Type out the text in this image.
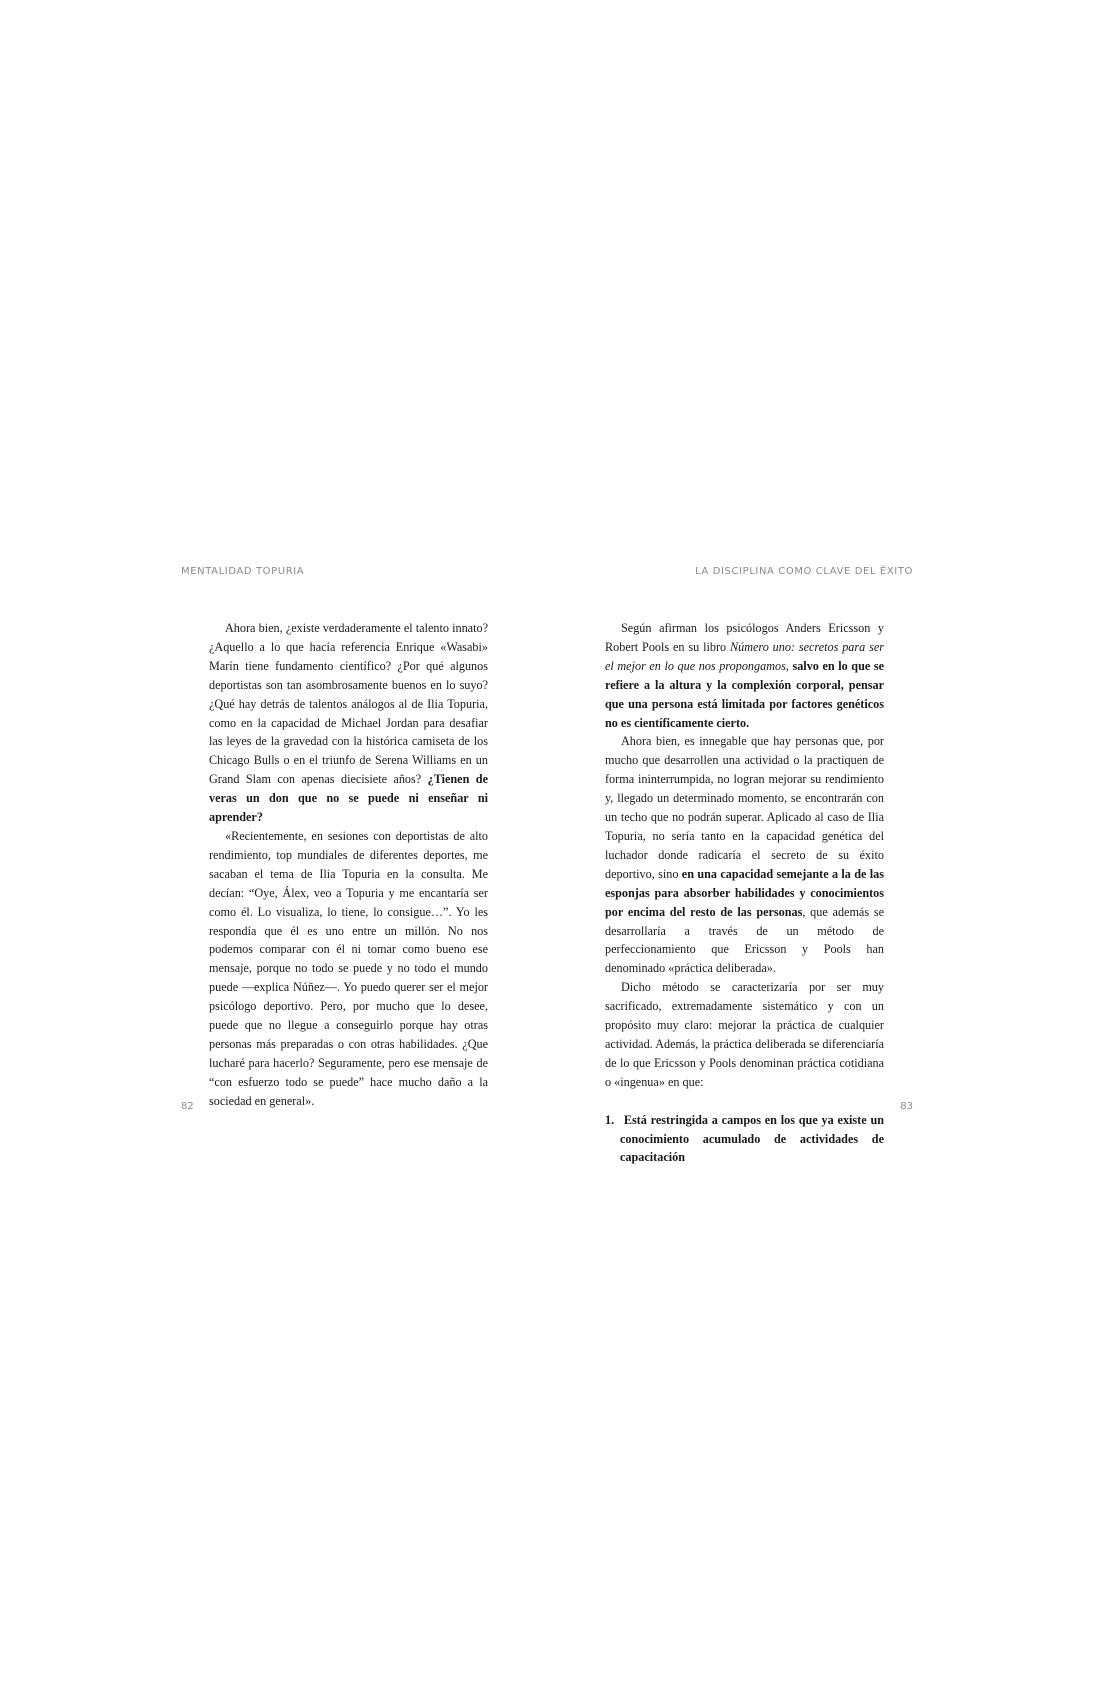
MENTALIDAD TOPURIA	LA DISCIPLINA COMO CLAVE DEL ÉXITO

Ahora bien, ¿existe verdaderamente el talento innato? ¿Aquello a lo que hacía referencia Enrique «Wasabi» Marín tiene fundamento científico? ¿Por qué algunos deportistas son tan asombrosamente buenos en lo suyo? ¿Qué hay detrás de talentos análogos al de Ilia Topuria, como en la capacidad de Michael Jordan para desafiar las leyes de la gravedad con la histórica camiseta de los Chicago Bulls o en el triunfo de Serena Williams en un Grand Slam con apenas diecisiete años? ¿Tienen de veras un don que no se puede ni enseñar ni aprender?

«Recientemente, en sesiones con deportistas de alto rendimiento, top mundiales de diferentes deportes, me sacaban el tema de Ilia Topuria en la consulta. Me decían: “Oye, Álex, veo a Topuria y me encantaría ser como él. Lo visualiza, lo tiene, lo consigue…”. Yo les respondía que él es uno entre un millón. No nos podemos comparar con él ni tomar como bueno ese mensaje, porque no todo se puede y no todo el mundo puede —explica Núñez—. Yo puedo querer ser el mejor psicólogo deportivo. Pero, por mucho que lo desee, puede que no llegue a conseguirlo porque hay otras personas más preparadas o con otras habilidades. ¿Que lucharé para hacerlo? Seguramente, pero ese mensaje de “con esfuerzo todo se puede” hace mucho daño a la sociedad en general».

Según afirman los psicólogos Anders Ericsson y Robert Pools en su libro Número uno: secretos para ser el mejor en lo que nos propongamos, salvo en lo que se refiere a la altura y la complexión corporal, pensar que una persona está limitada por factores genéticos no es científicamente cierto.

Ahora bien, es innegable que hay personas que, por mucho que desarrollen una actividad o la practiquen de forma ininterrumpida, no logran mejorar su rendimiento y, llegado un determinado momento, se encontrarán con un techo que no podrán superar. Aplicado al caso de Ilia Topuria, no sería tanto en la capacidad genética del luchador donde radicaría el secreto de su éxito deportivo, sino en una capacidad semejante a la de las esponjas para absorber habilidades y conocimientos por encima del resto de las personas, que además se desarrollaría a través de un método de perfeccionamiento que Ericsson y Pools han denominado «práctica deliberada».

Dicho método se caracterizaría por ser muy sacrificado, extremadamente sistemático y con un propósito muy claro: mejorar la práctica de cualquier actividad. Además, la práctica deliberada se diferenciaría de lo que Ericsson y Pools denominan práctica cotidiana o «ingenua» en que:

1. Está restringida a campos en los que ya existe un conocimiento acumulado de actividades de capacitación

82	83
